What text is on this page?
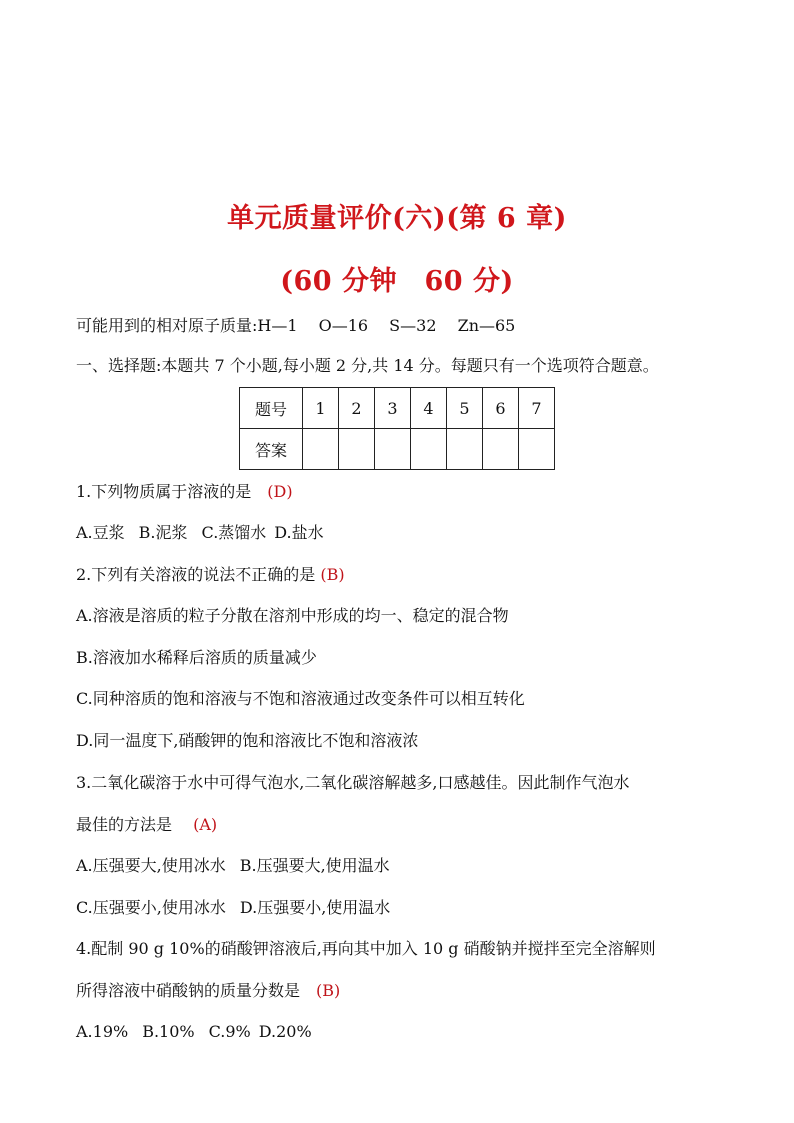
单元质量评价(六)(第 6 章)
(60 分钟　60 分)
可能用到的相对原子质量:H—1　 O—16　 S—32　 Zn—65
一、选择题:本题共 7 个小题,每小题 2 分,共 14 分。每题只有一个选项符合题意。
题号	1	2	3	4	5	6	7
答案							
1.下列物质属于溶液的是　(D)
A.豆浆 B.泥浆 C.蒸馏水 D.盐水
2.下列有关溶液的说法不正确的是 (B)
A.溶液是溶质的粒子分散在溶剂中形成的均一、稳定的混合物
B.溶液加水稀释后溶质的质量减少
C.同种溶质的饱和溶液与不饱和溶液通过改变条件可以相互转化
D.同一温度下,硝酸钾的饱和溶液比不饱和溶液浓
3.二氧化碳溶于水中可得气泡水,二氧化碳溶解越多,口感越佳。因此制作气泡水
最佳的方法是　 (A)
A.压强要大,使用冰水 B.压强要大,使用温水
C.压强要小,使用冰水 D.压强要小,使用温水
4.配制 90 g 10%的硝酸钾溶液后,再向其中加入 10 g 硝酸钠并搅拌至完全溶解则
所得溶液中硝酸钠的质量分数是　(B)
A.19% B.10% C.9% D.20%
